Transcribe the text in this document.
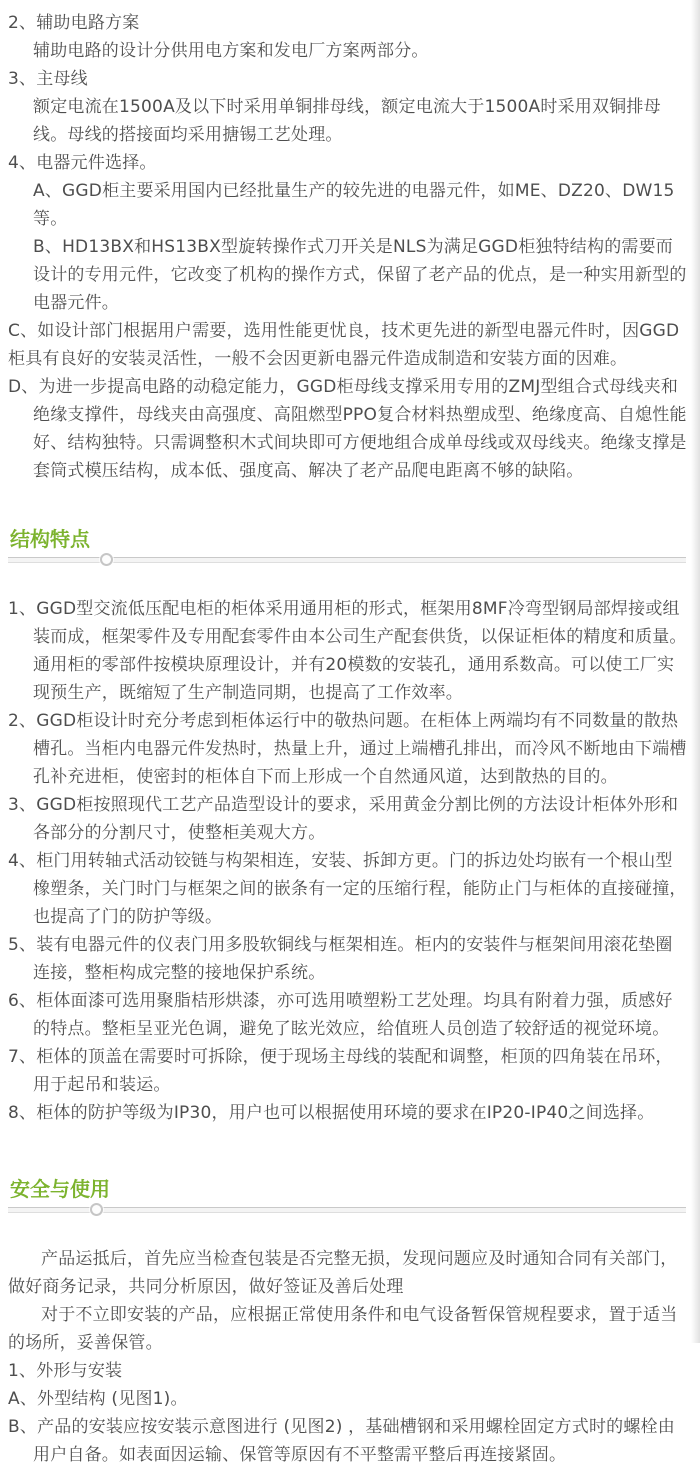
2、辅助电路方案

辅助电路的设计分供用电方案和发电厂方案两部分。

3、主母线

额定电流在1500A及以下时采用单铜排母线，额定电流大于1500A时采用双铜排母线。母线的搭接面均采用搪锡工艺处理。

4、电器元件选择。

A、GGD柜主要采用国内已经批量生产的较先进的电器元件，如ME、DZ20、DW15等。

B、HD13BX和HS13BX型旋转操作式刀开关是NLS为满足GGD柜独特结构的需要而设计的专用元件，它改变了机构的操作方式，保留了老产品的优点，是一种实用新型的电器元件。

C、如设计部门根据用户需要，选用性能更忧良，技术更先进的新型电器元件时，因GGD柜具有良好的安装灵活性，一般不会因更新电器元件造成制造和安装方面的因难。

D、为进一步提高电路的动稳定能力，GGD柜母线支撑采用专用的ZMJ型组合式母线夹和绝缘支撑件，母线夹由高强度、高阻燃型PPO复合材料热塑成型、绝缘度高、自熄性能好、结构独特。只需调整积木式间块即可方便地组合成单母线或双母线夹。绝缘支撑是套筒式模压结构，成本低、强度高、解决了老产品爬电距离不够的缺陷。

结构特点

1、GGD型交流低压配电柜的柜体采用通用柜的形式，框架用8MF冷弯型钢局部焊接或组装而成，框架零件及专用配套零件由本公司生产配套供货，以保证柜体的精度和质量。通用柜的零部件按模块原理设计，并有20模数的安装孔，通用系数高。可以使工厂实现预生产，既缩短了生产制造同期，也提高了工作效率。

2、GGD柜设计时充分考虑到柜体运行中的敬热问题。在柜体上两端均有不同数量的散热槽孔。当柜内电器元件发热时，热量上升，通过上端槽孔排出，而冷风不断地由下端槽孔补充进柜，使密封的柜体自下而上形成一个自然通风道，达到散热的目的。

3、GGD柜按照现代工艺产品造型设计的要求，采用黄金分割比例的方法设计柜体外形和各部分的分割尺寸，使整柜美观大方。

4、柜门用转轴式活动铰链与构架相连，安装、拆卸方更。门的拆边处均嵌有一个根山型橡塑条，关门时门与框架之间的嵌条有一定的压缩行程，能防止门与柜体的直接碰撞，也提高了门的防护等级。

5、装有电器元件的仪表门用多股软铜线与框架相连。柜内的安装件与框架间用滚花垫圈连接，整柜构成完整的接地保护系统。

6、柜体面漆可选用聚脂桔形烘漆，亦可选用喷塑粉工艺处理。均具有附着力强，质感好的特点。整柜呈亚光色调，避免了眩光效应，给值班人员创造了较舒适的视觉环境。

7、柜体的顶盖在需要时可拆除，便于现场主母线的装配和调整，柜顶的四角装在吊环，用于起吊和装运。

8、柜体的防护等级为IP30，用户也可以根据使用环境的要求在IP20-IP40之间选择。

安全与使用

产品运抵后，首先应当检查包装是否完整无损，发现问题应及时通知合同有关部门，做好商务记录，共同分析原因，做好签证及善后处理

对于不立即安装的产品，应根据正常使用条件和电气设备暂保管规程要求，置于适当的场所，妥善保管。

1、外形与安装

A、外型结构 (见图1)。

B、产品的安装应按安装示意图进行 (见图2) ，基础槽钢和采用螺栓固定方式时的螺栓由用户自备。如表面因运输、保管等原因有不平整需平整后再连接紧固。
